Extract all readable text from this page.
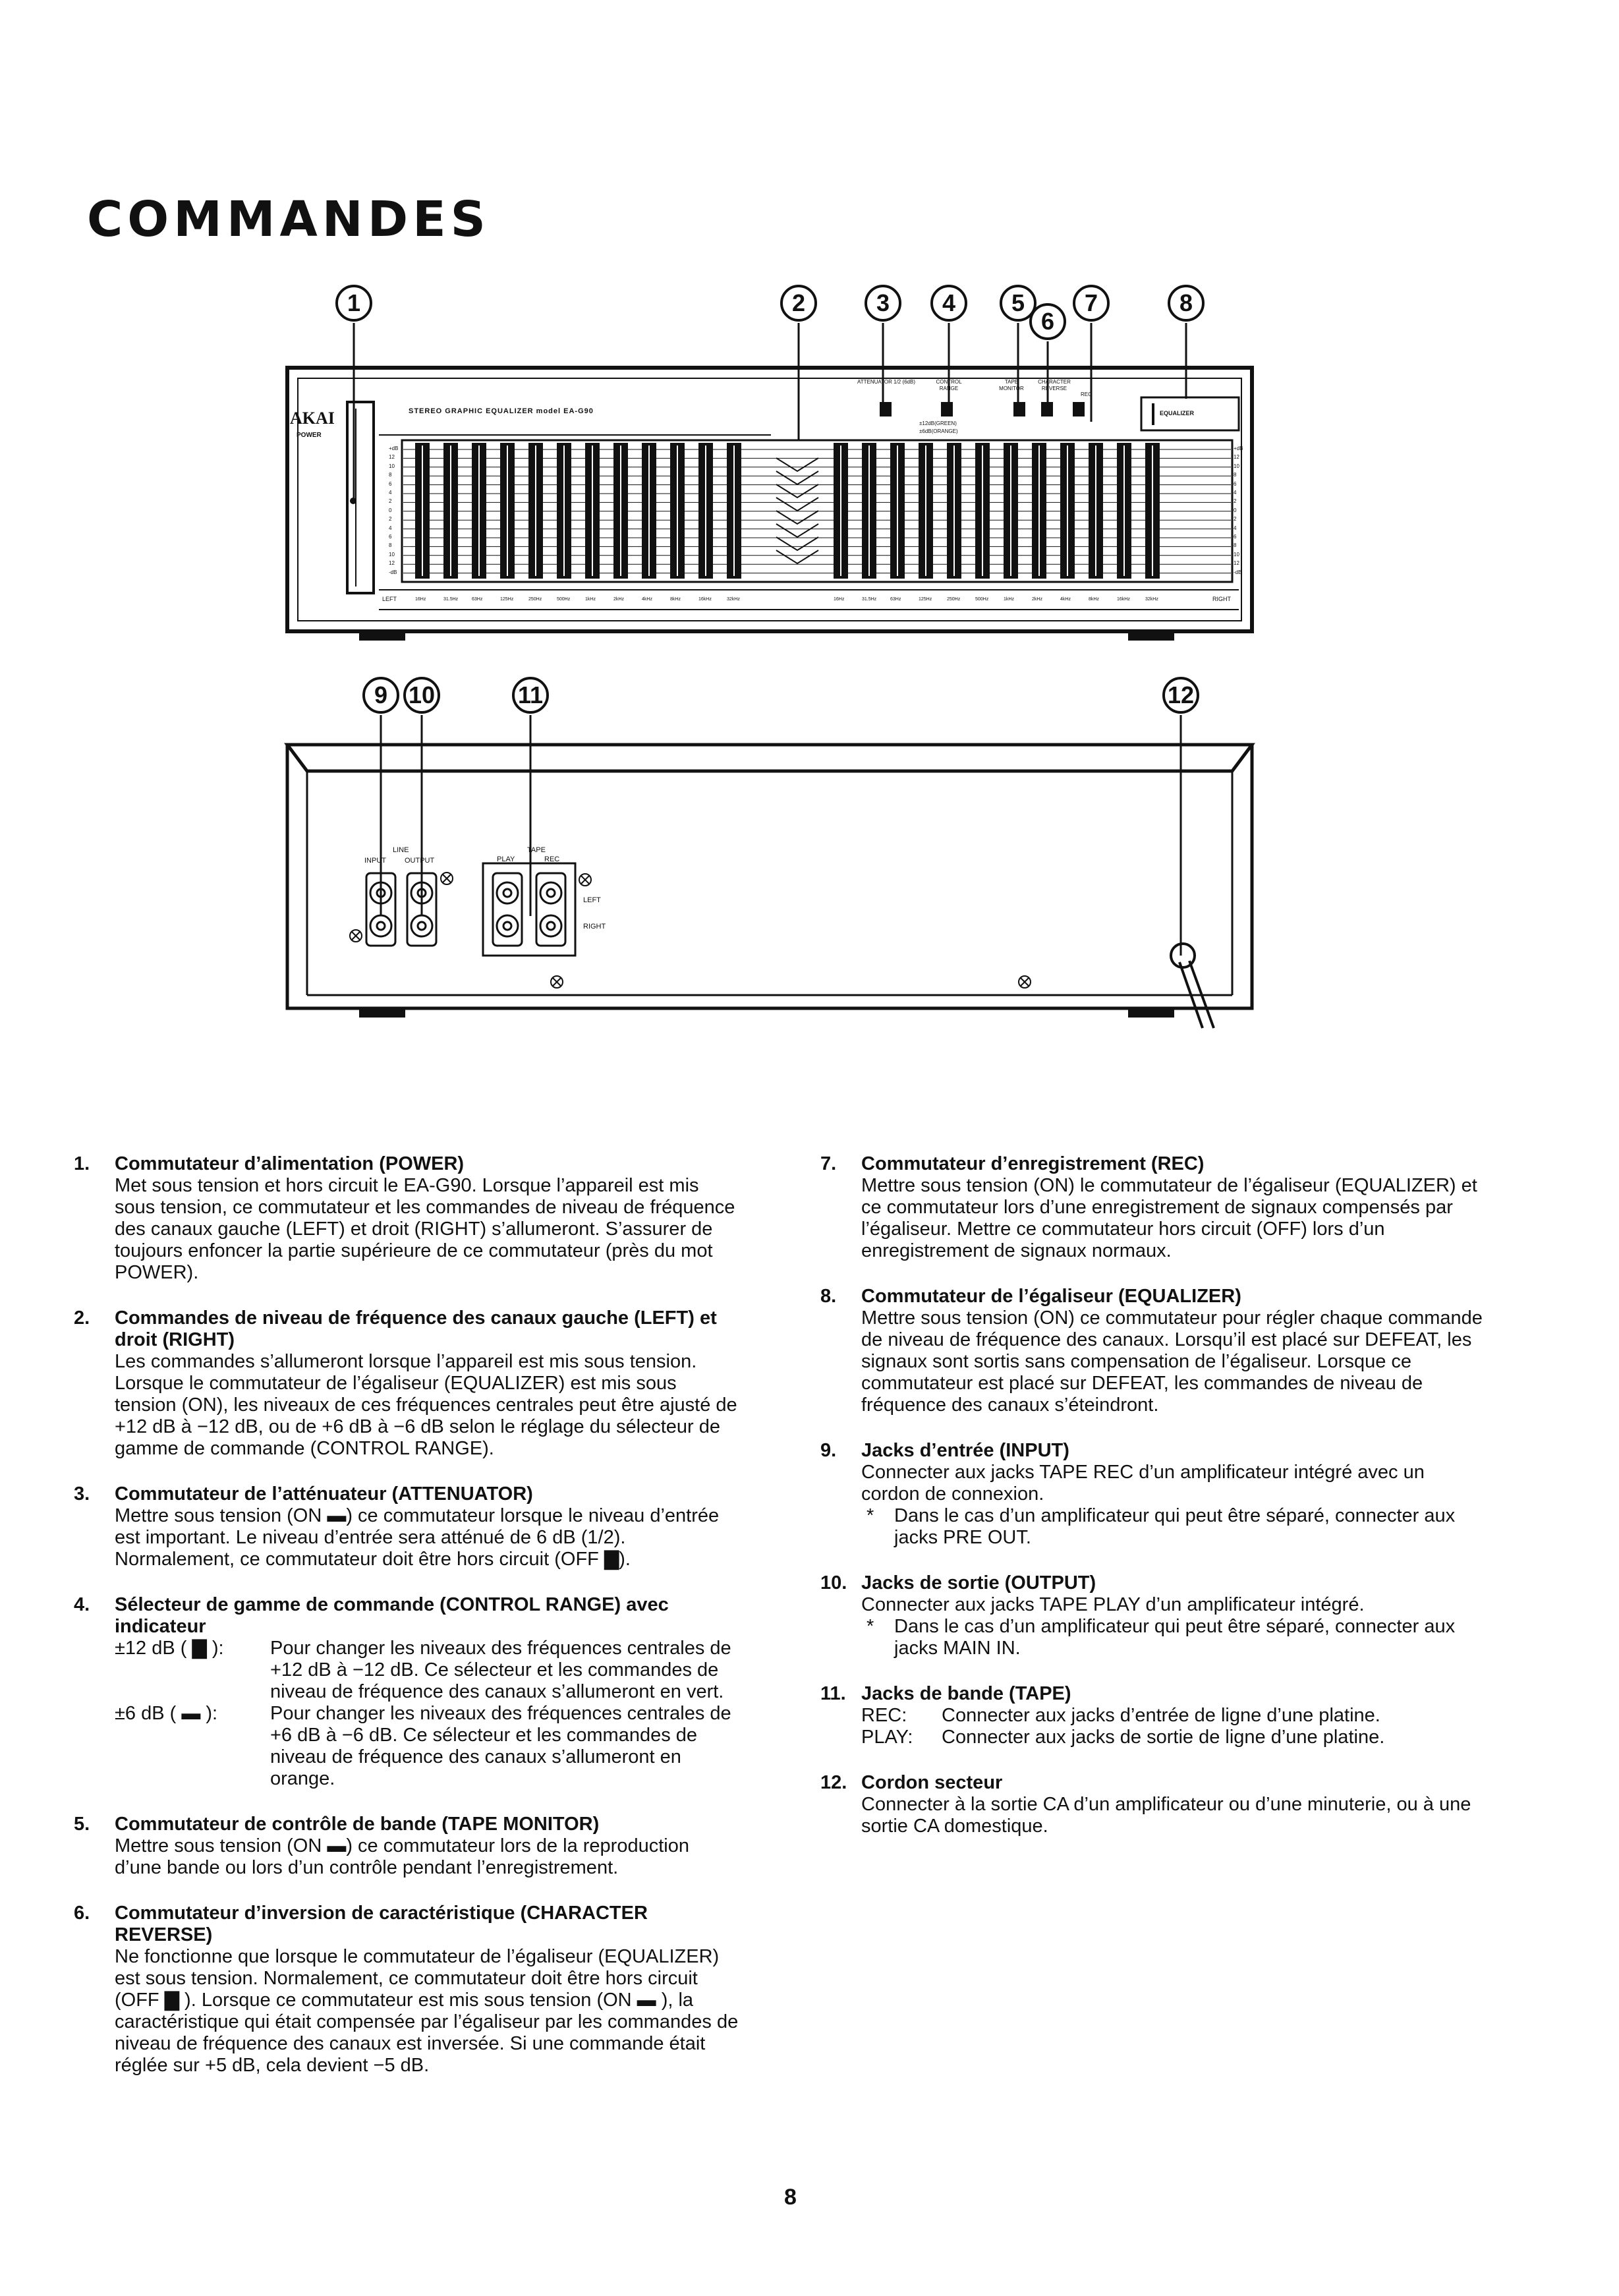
COMMANDES
AKAI
POWER
STEREO GRAPHIC EQUALIZER model EA-G90
ATTENUATOR 1/2 (6dB)	CONTROL RANGE
±12dB(GREEN)
±6dB(ORANGE)
TAPE MONITOR
CHARACTER REVERSE
REC
EQUALIZER
LEFT	RIGHT
16Hz	31.5Hz	63Hz	125Hz	250Hz	500Hz	1kHz	2kHz	4kHz	8kHz	16kHz	32kHz	16Hz	31.5Hz	63Hz	125Hz	250Hz	500Hz	1kHz	2kHz	4kHz	8kHz	16kHz	32kHz
+dB
12
10
8
6
4
2
0
2
4
6
8
10
12
-dB
+dB
12
10
8
6
4
2
0
2
4
6
8
10
12
-dB
LINE
INPUT	OUTPUT
TAPE
PLAY	REC
LEFT
RIGHT
1	2	3	4	5
6
7	8
9 10	11	12
1. Commutateur d’alimentation (POWER)
Met sous tension et hors circuit le EA-G90. Lorsque l’appareil est mis sous tension, ce commutateur et les commandes de niveau de fréquence des canaux gauche (LEFT) et droit (RIGHT) s’allumeront. S’assurer de toujours enfoncer la partie supérieure de ce commutateur (près du mot POWER).
2. Commandes de niveau de fréquence des canaux gauche (LEFT) et droit (RIGHT)
Les commandes s’allumeront lorsque l’appareil est mis sous tension. Lorsque le commutateur de l’égaliseur (EQUALIZER) est mis sous tension (ON), les niveaux de ces fréquences centrales peut être ajusté de +12 dB à −12 dB, ou de +6 dB à −6 dB selon le réglage du sélecteur de gamme de commande (CONTROL RANGE).
3. Commutateur de l’atténuateur (ATTENUATOR)
Mettre sous tension (ON ▬) ce commutateur lorsque le niveau d’entrée est important. Le niveau d’entrée sera atténué de 6 dB (1/2). Normalement, ce commutateur doit être hors circuit (OFF ▇).
4. Sélecteur de gamme de commande (CONTROL RANGE) avec indicateur
±12 dB ( ▇ ):	Pour changer les niveaux des fréquences centrales de +12 dB à −12 dB. Ce sélecteur et les commandes de niveau de fréquence des canaux s’allumeront en vert.
±6 dB ( ▬ ):	Pour changer les niveaux des fréquences centrales de +6 dB à −6 dB. Ce sélecteur et les commandes de niveau de fréquence des canaux s’allumeront en orange.
5. Commutateur de contrôle de bande (TAPE MONITOR)
Mettre sous tension (ON ▬) ce commutateur lors de la reproduction d’une bande ou lors d’un contrôle pendant l’enregistrement.
6. Commutateur d’inversion de caractéristique (CHARACTER REVERSE)
Ne fonctionne que lorsque le commutateur de l’égaliseur (EQUALIZER) est sous tension. Normalement, ce commutateur doit être hors circuit (OFF ▇ ). Lorsque ce commutateur est mis sous tension (ON ▬ ), la caractéristique qui était compensée par l’égaliseur par les commandes de niveau de fréquence des canaux est inversée. Si une commande était réglée sur +5 dB, cela devient −5 dB.
7. Commutateur d’enregistrement (REC)
Mettre sous tension (ON) le commutateur de l’égaliseur (EQUALIZER) et ce commutateur lors d’une enregistrement de signaux compensés par l’égaliseur. Mettre ce commutateur hors circuit (OFF) lors d’un enregistrement de signaux normaux.
8. Commutateur de l’égaliseur (EQUALIZER)
Mettre sous tension (ON) ce commutateur pour régler chaque commande de niveau de fréquence des canaux. Lorsqu’il est placé sur DEFEAT, les signaux sont sortis sans compensation de l’égaliseur. Lorsque ce commutateur est placé sur DEFEAT, les commandes de niveau de fréquence des canaux s’éteindront.
9. Jacks d’entrée (INPUT)
Connecter aux jacks TAPE REC d’un amplificateur intégré avec un cordon de connexion.
* Dans le cas d’un amplificateur qui peut être séparé, connecter aux jacks PRE OUT.
10. Jacks de sortie (OUTPUT)
Connecter aux jacks TAPE PLAY d’un amplificateur intégré.
* Dans le cas d’un amplificateur qui peut être séparé, connecter aux jacks MAIN IN.
11. Jacks de bande (TAPE)
REC:	Connecter aux jacks d’entrée de ligne d’une platine.
PLAY:	Connecter aux jacks de sortie de ligne d’une platine.
12. Cordon secteur
Connecter à la sortie CA d’un amplificateur ou d’une minuterie, ou à une sortie CA domestique.
8
